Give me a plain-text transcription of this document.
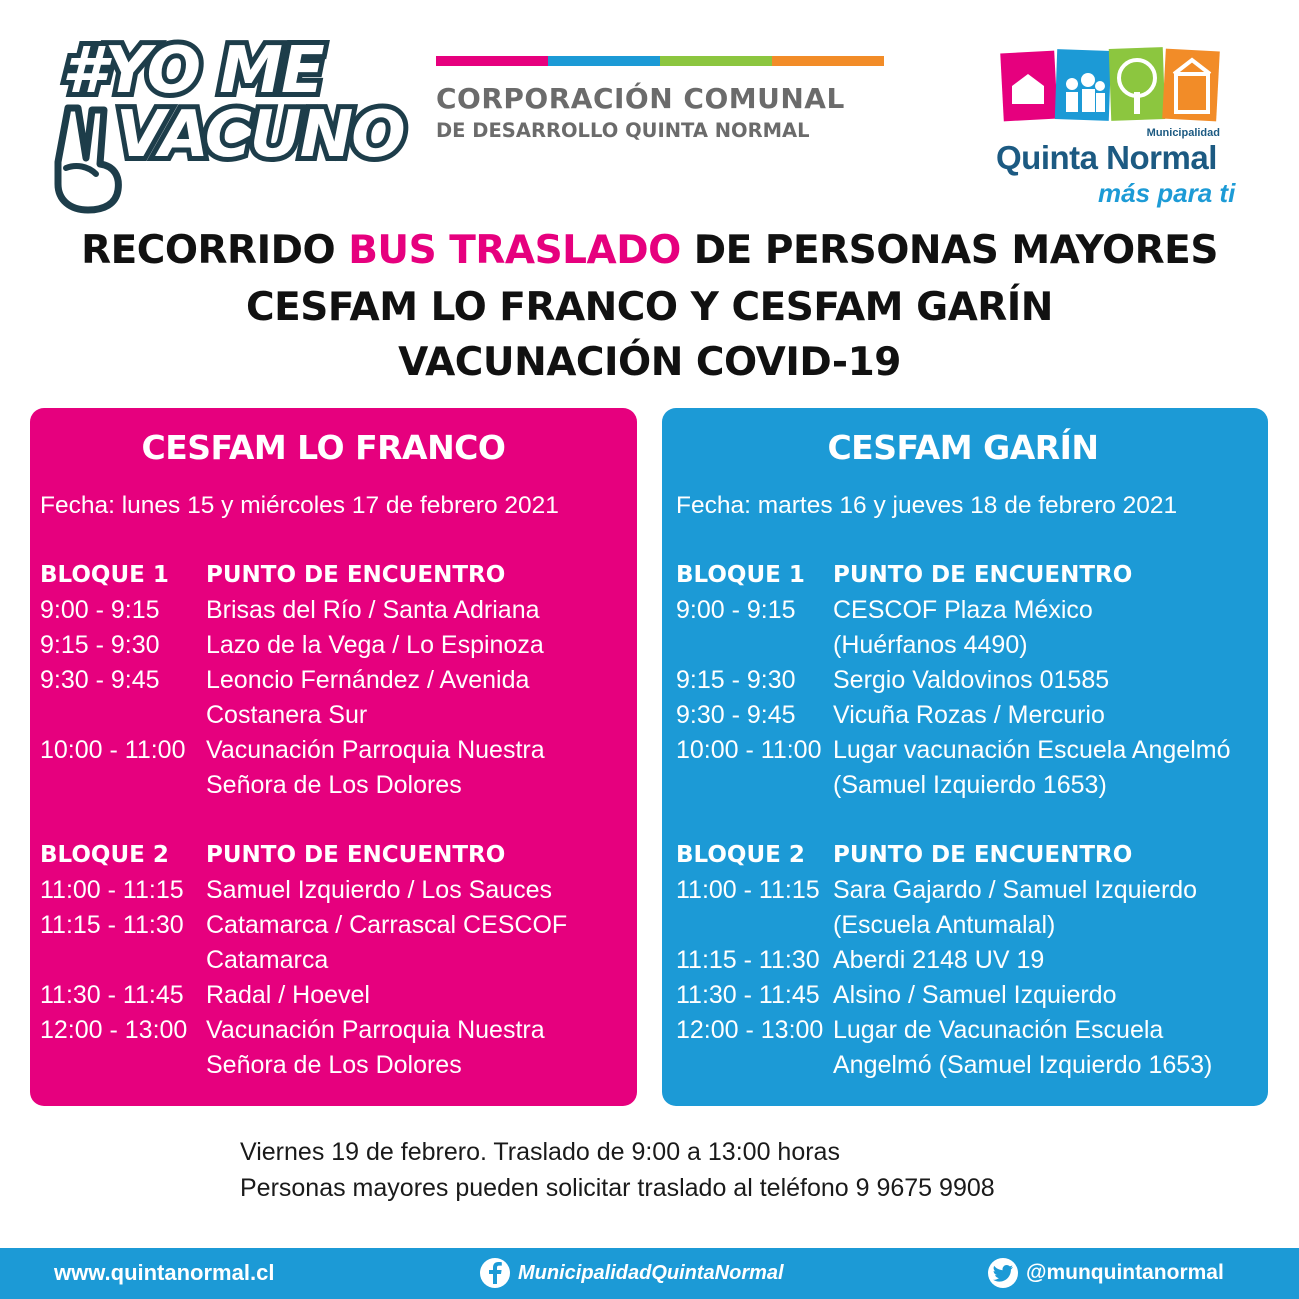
#YO ME
VACUNO CORPORACIÓN COMUNAL
DE DESARROLLO QUINTA NORMAL	Municipalidad
Quinta Normal
más para ti
RECORRIDO BUS TRASLADO DE PERSONAS MAYORES
CESFAM LO FRANCO Y CESFAM GARÍN
VACUNACIÓN COVID-19
CESFAM LO FRANCO
Fecha: lunes 15 y miércoles 17 de febrero 2021
BLOQUE 1	PUNTO DE ENCUENTRO
9:00 - 9:15	Brisas del Río / Santa Adriana
9:15 - 9:30	Lazo de la Vega / Lo Espinoza
9:30 - 9:45	Leoncio Fernández / Avenida
Costanera Sur
10:00 - 11:00 Vacunación Parroquia Nuestra
Señora de Los Dolores
BLOQUE 2	PUNTO DE ENCUENTRO
11:00 - 11:15 Samuel Izquierdo / Los Sauces
11:15 - 11:30 Catamarca / Carrascal CESCOF
Catamarca
11:30 - 11:45 Radal / Hoevel
12:00 - 13:00 Vacunación Parroquia Nuestra
Señora de Los Dolores
CESFAM GARÍN
Fecha: martes 16 y jueves 18 de febrero 2021
BLOQUE 1	PUNTO DE ENCUENTRO
9:00 - 9:15	CESCOF Plaza México
(Huérfanos 4490)
9:15 - 9:30	Sergio Valdovinos 01585
9:30 - 9:45	Vicuña Rozas / Mercurio
10:00 - 11:00 Lugar vacunación Escuela Angelmó
(Samuel Izquierdo 1653)
BLOQUE 2	PUNTO DE ENCUENTRO
11:00 - 11:15 Sara Gajardo / Samuel Izquierdo
(Escuela Antumalal)
11:15 - 11:30 Aberdi 2148 UV 19
11:30 - 11:45 Alsino / Samuel Izquierdo
12:00 - 13:00 Lugar de Vacunación Escuela
Angelmó (Samuel Izquierdo 1653)
Viernes 19 de febrero. Traslado de 9:00 a 13:00 horas
Personas mayores pueden solicitar traslado al teléfono 9 9675 9908
www.quintanormal.cl	MunicipalidadQuintaNormal	@munquintanormal
